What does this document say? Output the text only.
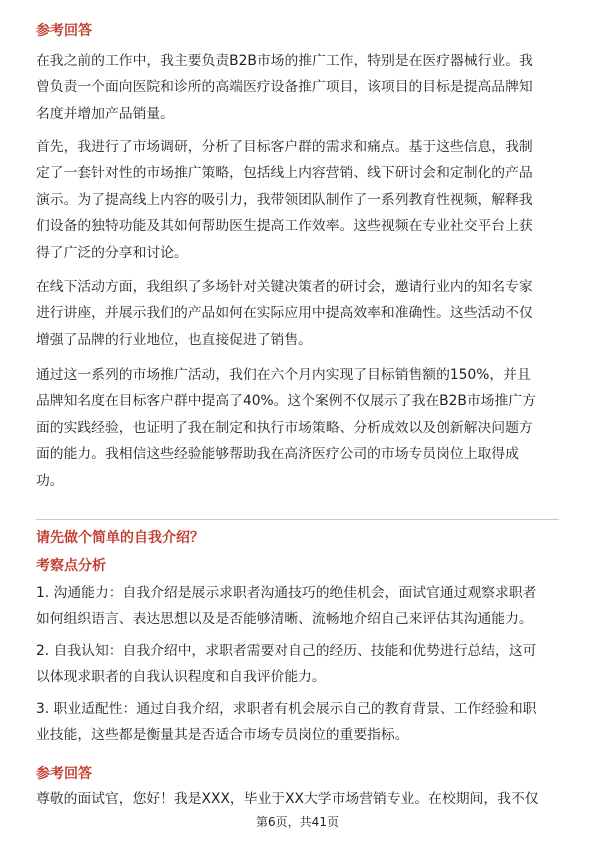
参考回答
在我之前的工作中，我主要负责B2B市场的推广工作，特别是在医疗器械行业。我
曾负责一个面向医院和诊所的高端医疗设备推广项目，该项目的目标是提高品牌知
名度并增加产品销量。
首先，我进行了市场调研，分析了目标客户群的需求和痛点。基于这些信息，我制
定了一套针对性的市场推广策略，包括线上内容营销、线下研讨会和定制化的产品
演示。为了提高线上内容的吸引力，我带领团队制作了一系列教育性视频，解释我
们设备的独特功能及其如何帮助医生提高工作效率。这些视频在专业社交平台上获
得了广泛的分享和讨论。
在线下活动方面，我组织了多场针对关键决策者的研讨会，邀请行业内的知名专家
进行讲座，并展示我们的产品如何在实际应用中提高效率和准确性。这些活动不仅
增强了品牌的行业地位，也直接促进了销售。
通过这一系列的市场推广活动，我们在六个月内实现了目标销售额的150%，并且
品牌知名度在目标客户群中提高了40%。这个案例不仅展示了我在B2B市场推广方
面的实践经验，也证明了我在制定和执行市场策略、分析成效以及创新解决问题方
面的能力。我相信这些经验能够帮助我在高济医疗公司的市场专员岗位上取得成
功。
请先做个简单的自我介绍？
考察点分析
1. 沟通能力：自我介绍是展示求职者沟通技巧的绝佳机会，面试官通过观察求职者
如何组织语言、表达思想以及是否能够清晰、流畅地介绍自己来评估其沟通能力。
2. 自我认知：自我介绍中，求职者需要对自己的经历、技能和优势进行总结，这可
以体现求职者的自我认识程度和自我评价能力。
3. 职业适配性：通过自我介绍，求职者有机会展示自己的教育背景、工作经验和职
业技能，这些都是衡量其是否适合市场专员岗位的重要指标。
参考回答
尊敬的面试官，您好！我是XXX，毕业于XX大学市场营销专业。在校期间，我不仅
第6页，共41页
